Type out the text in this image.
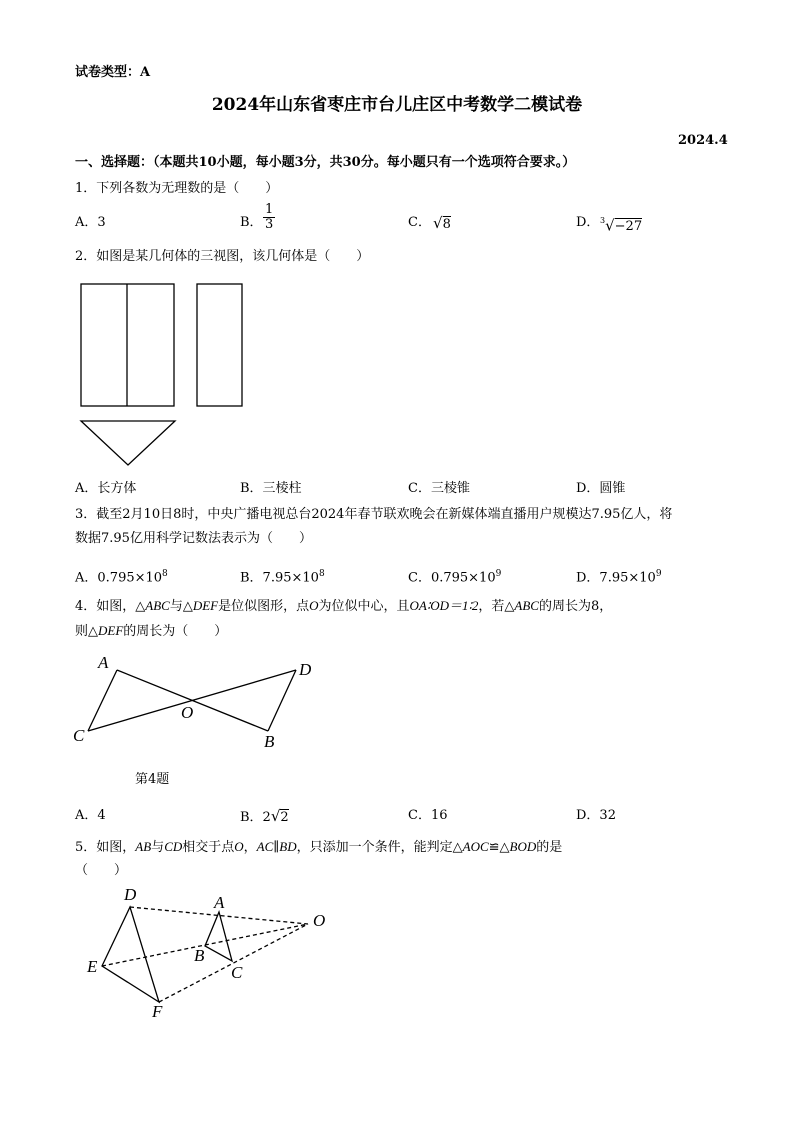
试卷类型：A
2024年山东省枣庄市台儿庄区中考数学二模试卷
2024.4
一、选择题：（本题共10小题，每小题3分，共30分。每小题只有一个选项符合要求。）
1．下列各数为无理数的是（　　）
A．3	B． $\frac{1}{3}$	C． √8	D． $^3$√−27
2．如图是某几何体的三视图，该几何体是（　　）
A．长方体	B．三棱柱	C．三棱锥	D．圆锥
3．截至2月10日8时，中央广播电视总台2024年春节联欢晚会在新媒体端直播用户规模达7.95亿人，将
数据7.95亿用科学记数法表示为（　　）
A．$0.795\times 10^8$	B．$7.95\times 10^8$	C．$0.795\times 10^9$	D．$7.95\times 10^9$
4．如图，△ABC与△DEF是位似图形，点O为位似中心，且OA∶OD＝1∶2，若△ABC的周长为8，
则△DEF的周长为（　　）
A	D
O
C	B
第4题
A．4	B．2√2	C．16	D．32
5．如图，AB与CD相交于点O，AC∥BD，只添加一个条件，能判定△AOC≌△BOD的是
（　　）
D	A
O
B
E	C
F
